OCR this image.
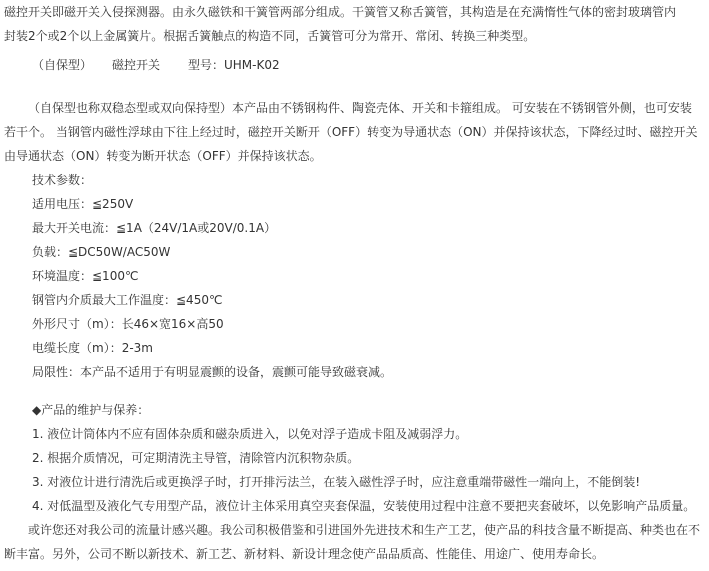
磁控开关即磁开关入侵探测器。由永久磁铁和干簧管两部分组成。干簧管又称舌簧管，其构造是在充满惰性气体的密封玻璃管内
封装2个或2个以上金属簧片。根据舌簧触点的构造不同，舌簧管可分为常开、常闭、转换三种类型。
（自保型）	磁控开关	型号：UHM-K02
（自保型也称双稳态型或双向保持型）本产品由不锈钢构件、陶瓷壳体、开关和卡箍组成。 可安装在不锈钢管外侧，也可安装
若干个。 当钢管内磁性浮球由下往上经过时，磁控开关断开（OFF）转变为导通状态（ON）并保持该状态，下降经过时、磁控开关
由导通状态（ON）转变为断开状态（OFF）并保持该状态。
技术参数：
适用电压：≦250V
最大开关电流：≦1A（24V/1A或20V/0.1A）
负载：≦DC50W/AC50W
环境温度：≦100℃
钢管内介质最大工作温度：≦450℃
外形尺寸（m）：长46×宽16×高50
电缆长度（m）：2-3m
局限性：本产品不适用于有明显震颤的设备，震颤可能导致磁衰减。
◆产品的维护与保养：
1. 液位计筒体内不应有固体杂质和磁杂质进入，以免对浮子造成卡阻及减弱浮力。
2. 根据介质情况，可定期清洗主导管，清除管内沉积物杂质。
3. 对液位计进行清洗后或更换浮子时，打开排污法兰，在装入磁性浮子时，应注意重端带磁性一端向上，不能倒装!
4. 对低温型及液化气专用型产品，液位计主体采用真空夹套保温，安装使用过程中注意不要把夹套破坏，以免影响产品质量。
或许您还对我公司的流量计感兴趣。我公司积极借鉴和引进国外先进技术和生产工艺，使产品的科技含量不断提高、种类也在不
断丰富。另外，公司不断以新技术、新工艺、新材料、新设计理念使产品品质高、性能佳、用途广、使用寿命长。
